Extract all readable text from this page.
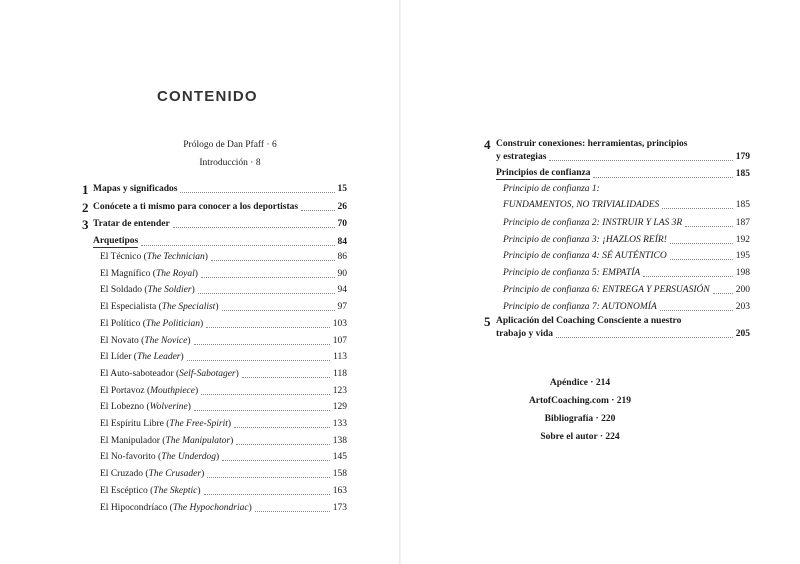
CONTENIDO
Prólogo de Dan Pfaff · 6
Introducción · 8
1 Mapas y significados	15
2 Conócete a ti mismo para conocer a los deportistas	26
3 Tratar de entender	70
Arquetipos	84
El Técnico (The Technician)	86
El Magnífico (The Royal)	90
El Soldado (The Soldier)	94
El Especialista (The Specialist)	97
El Político (The Politician)	103
El Novato (The Novice)	107
El Líder (The Leader)	113
El Auto-saboteador (Self-Sabotager)	118
El Portavoz (Mouthpiece)	123
El Lobezno (Wolverine)	129
El Espíritu Libre (The Free-Spirit)	133
El Manipulador (The Manipulator)	138
El No-favorito (The Underdog)	145
El Cruzado (The Crusader)	158
El Escéptico (The Skeptic)	163
El Hipocondríaco (The Hypochondriac)	173
4 Construir conexiones: herramientas, principios
y estrategias	179
Principios de confianza	185
Principio de confianza 1:
FUNDAMENTOS, NO TRIVIALIDADES	185
Principio de confianza 2: INSTRUIR Y LAS 3R	187
Principio de confianza 3: ¡HAZLOS REÍR!	192
Principio de confianza 4: SÉ AUTÉNTICO	195
Principio de confianza 5: EMPATÍA	198
Principio de confianza 6: ENTREGA Y PERSUASIÓN	200
Principio de confianza 7: AUTONOMÍA	203
5 Aplicación del Coaching Consciente a nuestro
trabajo y vida	205
Apéndice · 214
ArtofCoaching.com · 219
Bibliografía · 220
Sobre el autor · 224
